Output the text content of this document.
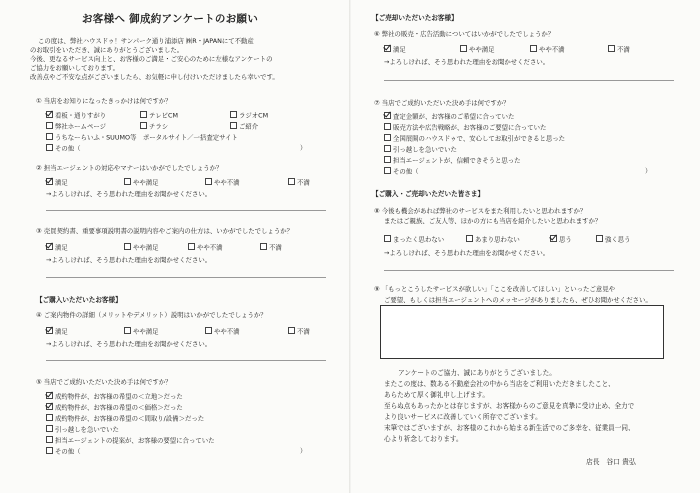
お客様へ 御成約アンケートのお願い
この度は、弊社ハウスドゥ！サンパーク通り浦添店 ㈱R・JAPANにて不動産
のお取引をいただき、誠にありがとうございました。
今後、更なるサービス向上と、お客様のご満足・ご安心のために左様なアンケートの
ご協力をお願いしております。
改善点やご不安な点がございましたら、お気軽に申し付けいただけましたら幸いです。
① 当店をお知りになったきっかけは何ですか？
看板・通りすがり	テレビCM	ラジオCM
弊社ホームページ	チラシ	ご紹介
うちなーらいふ・SUUMO等　ポータルサイト／一括査定サイト
その他（	）
② 担当エージェントの対応やマナーはいかがでしたでしょうか？
満足	やや満足	やや不満	不満
→よろしければ、そう思われた理由をお聞かせください。
③ 売買契約書、重要事項説明書の説明内容やご案内の仕方は、いかがでしたでしょうか？
満足	やや満足	やや不満	不満
→よろしければ、そう思われた理由をお聞かせください。
【ご購入いただいたお客様】
④ ご案内物件の詳細（メリットやデメリット）説明はいかがでしたでしょうか？
満足	やや満足	やや不満	不満
→よろしければ、そう思われた理由をお聞かせください。
⑤ 当店でご成約いただいた決め手は何ですか？
成約物件が、お客様の希望の＜立地＞だった
成約物件が、お客様の希望の＜価格＞だった
成約物件が、お客様の希望の＜間取り/設備＞だった
引っ越しを急いでいた
担当エージェントの提案が、お客様の要望に合っていた
その他（	）
【ご売却いただいたお客様】
⑥ 弊社の販売・広告活動についてはいかがでしたでしょうか？
満足	やや満足	やや不満	不満
→よろしければ、そう思われた理由をお聞かせください。
⑦ 当店でご成約いただいた決め手は何ですか？
査定金額が、お客様のご希望に合っていた
販売方法や広告戦略が、お客様のご要望に合っていた
全国展開のハウスドゥで、安心してお取引ができると思った
引っ越しを急いでいた
担当エージェントが、信頼できそうと思った
その他（	）
【ご購入・ご売却いただいた皆さま】
⑧ 今後も機会があれば弊社のサービスをまた利用したいと思われますか？
またはご親族、ご友人等、ほかの方にも当店を紹介したいと思われますか？
まったく思わない	あまり思わない	思う	強く思う
→よろしければ、そう思われた理由をお聞かせください。
⑨ 「もっとこうしたサービスが欲しい」「ここを改善してほしい」といったご意見や
ご要望、もしくは担当エージェントへのメッセージがありましたら、ぜひお聞かせください。
アンケートのご協力、誠にありがとうございました。
またこの度は、数ある不動産会社の中から当店をご利用いただきましたこと、
あらためて厚く御礼申し上げます。
至らぬ点もあったかとは存じますが、お客様からのご意見を真摯に受け止め、全力で
より良いサービスに改善していく所存でございます。
末筆ではございますが、お客様のこれから始まる新生活でのご多幸を、従業員一同、
心より祈念しております。
店長　谷口 貴弘
